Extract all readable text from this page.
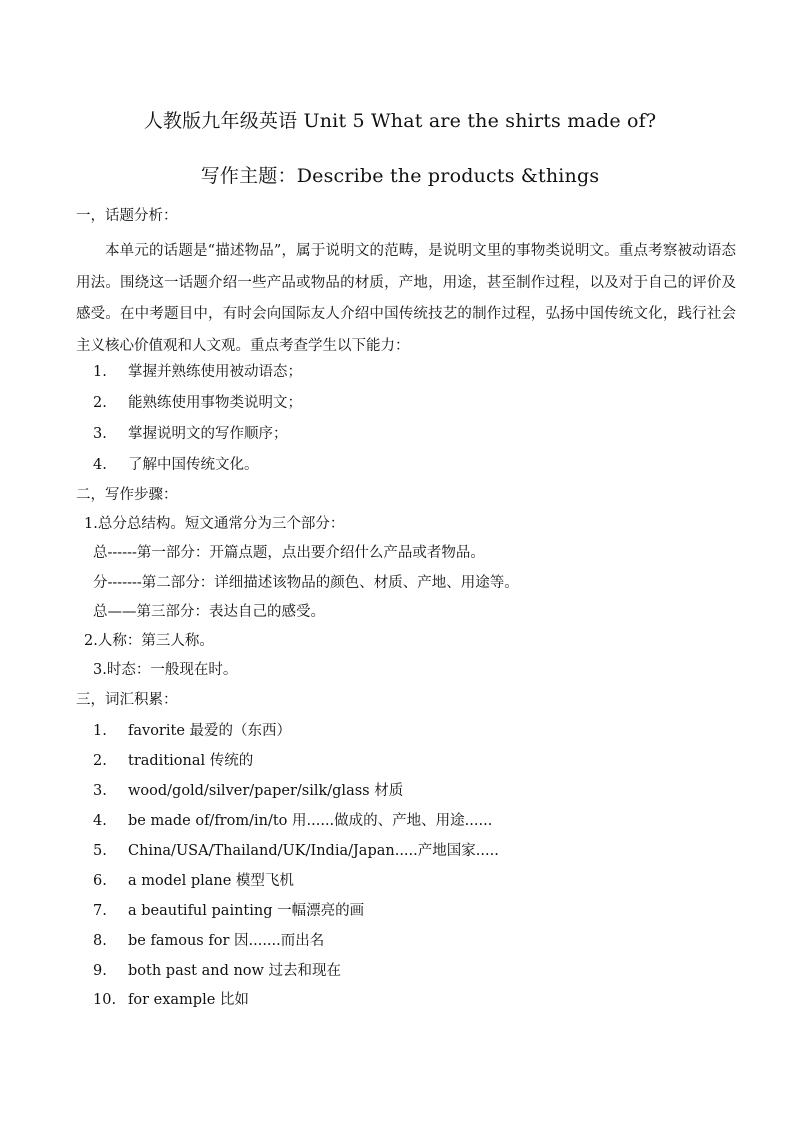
人教版九年级英语 Unit 5 What are the shirts made of?
写作主题：Describe the products &things
一，话题分析：
本单元的话题是“描述物品”，属于说明文的范畴，是说明文里的事物类说明文。重点考察被动语态用法。围绕这一话题介绍一些产品或物品的材质，产地，用途，甚至制作过程，以及对于自己的评价及感受。在中考题目中，有时会向国际友人介绍中国传统技艺的制作过程，弘扬中国传统文化，践行社会主义核心价值观和人文观。重点考查学生以下能力：
1.	掌握并熟练使用被动语态；
2.	能熟练使用事物类说明文；
3.	掌握说明文的写作顺序；
4.	了解中国传统文化。
二，写作步骤：
1.总分总结构。短文通常分为三个部分：
总------第一部分：开篇点题，点出要介绍什么产品或者物品。
分-------第二部分：详细描述该物品的颜色、材质、产地、用途等。
总——第三部分：表达自己的感受。
2.人称：第三人称。
3.时态：一般现在时。
三，词汇积累：
1.	favorite 最爱的（东西）
2.	traditional 传统的
3.	wood/gold/silver/paper/silk/glass 材质
4.	be made of/from/in/to 用......做成的、产地、用途......
5.	China/USA/Thailand/UK/India/Japan.....产地国家.....
6.	a model plane 模型飞机
7.	a beautiful painting 一幅漂亮的画
8.	be famous for 因.......而出名
9.	both past and now 过去和现在
10. for example 比如
